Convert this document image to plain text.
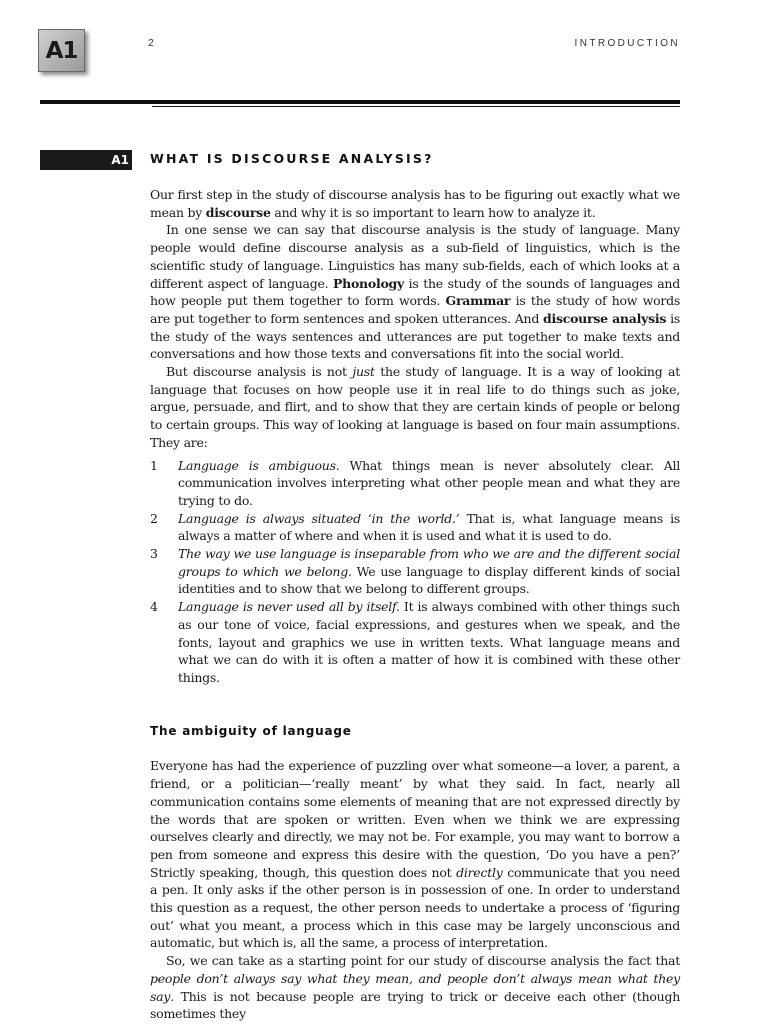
A1	2	INTRODUCTION
A1 WHAT IS DISCOURSE ANALYSIS?

Our first step in the study of discourse analysis has to be figuring out exactly what we mean by discourse and why it is so important to learn how to analyze it.

In one sense we can say that discourse analysis is the study of language. Many people would define discourse analysis as a sub-field of linguistics, which is the scientific study of language. Linguistics has many sub-fields, each of which looks at a different aspect of language. Phonology is the study of the sounds of languages and how people put them together to form words. Grammar is the study of how words are put together to form sentences and spoken utterances. And discourse analysis is the study of the ways sentences and utterances are put together to make texts and conversations and how those texts and conversations fit into the social world.

But discourse analysis is not just the study of language. It is a way of looking at language that focuses on how people use it in real life to do things such as joke, argue, persuade, and flirt, and to show that they are certain kinds of people or belong to certain groups. This way of looking at language is based on four main assumptions. They are:

1 Language is ambiguous. What things mean is never absolutely clear. All communication involves interpreting what other people mean and what they are trying to do.
2 Language is always situated ‘in the world.’ That is, what language means is always a matter of where and when it is used and what it is used to do.
3 The way we use language is inseparable from who we are and the different social groups to which we belong. We use language to display different kinds of social identities and to show that we belong to different groups.
4 Language is never used all by itself. It is always combined with other things such as our tone of voice, facial expressions, and gestures when we speak, and the fonts, layout and graphics we use in written texts. What language means and what we can do with it is often a matter of how it is combined with these other things.
The ambiguity of language

Everyone has had the experience of puzzling over what someone—a lover, a parent, a friend, or a politician—‘really meant’ by what they said. In fact, nearly all communication contains some elements of meaning that are not expressed directly by the words that are spoken or written. Even when we think we are expressing ourselves clearly and directly, we may not be. For example, you may want to borrow a pen from someone and express this desire with the question, ‘Do you have a pen?’ Strictly speaking, though, this question does not directly communicate that you need a pen. It only asks if the other person is in possession of one. In order to understand this question as a request, the other person needs to undertake a process of ‘figuring out’ what you meant, a process which in this case may be largely unconscious and automatic, but which is, all the same, a process of interpretation.

So, we can take as a starting point for our study of discourse analysis the fact that people don’t always say what they mean, and people don’t always mean what they say. This is not because people are trying to trick or deceive each other (though sometimes they
